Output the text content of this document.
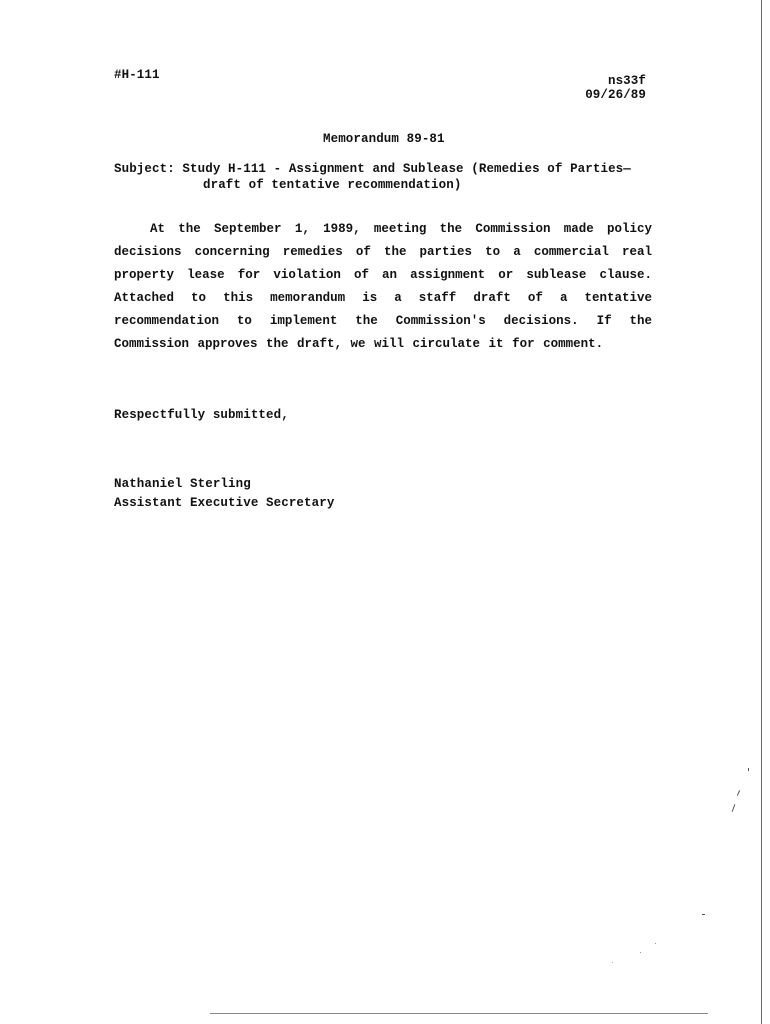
#H-111	ns33f
09/26/89
Memorandum 89-81
Subject: Study H-111 - Assignment and Sublease (Remedies of Parties—
draft of tentative recommendation)
At the September 1, 1989, meeting the Commission made policy
decisions concerning remedies of the parties to a commercial real
property lease for violation of an assignment or sublease clause.
Attached to this memorandum is a staff draft of a tentative
recommendation to implement the Commission's decisions. If the
Commission approves the draft, we will circulate it for comment.
Respectfully submitted,
Nathaniel Sterling
Assistant Executive Secretary
